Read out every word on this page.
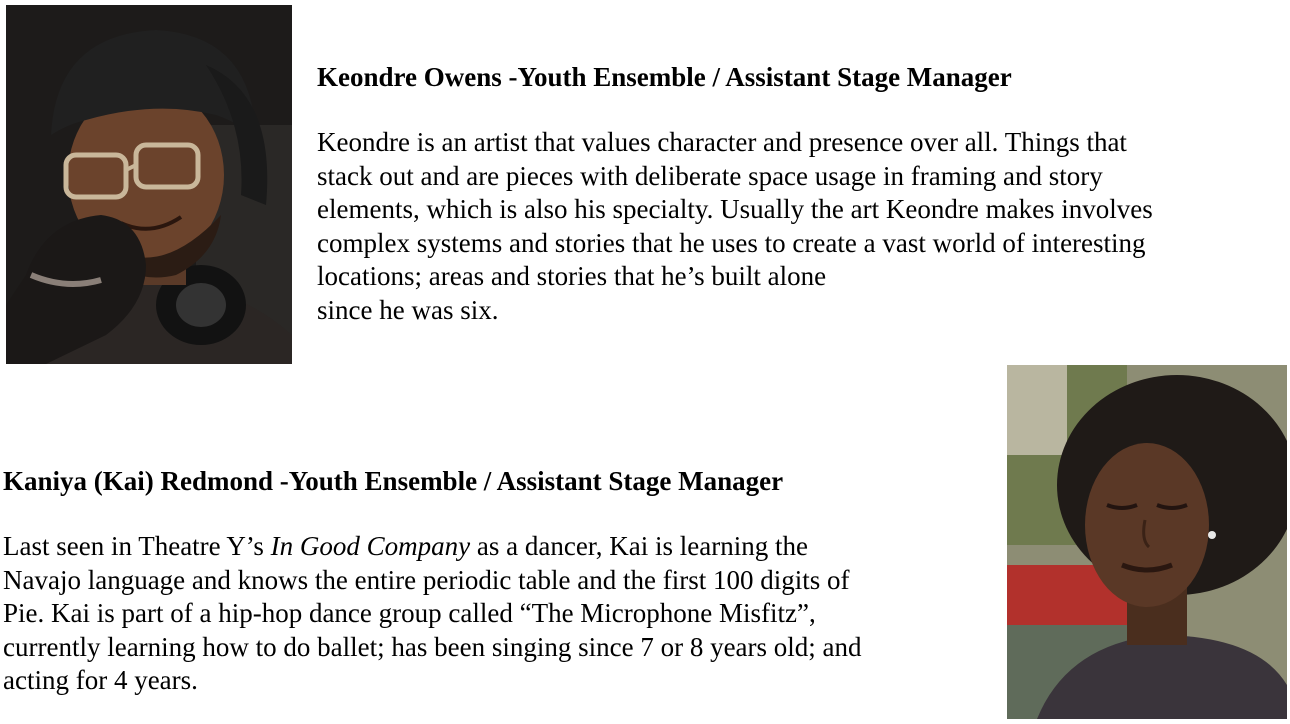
Keondre Owens -Youth Ensemble / Assistant Stage Manager

Keondre is an artist that values character and presence over all. Things that
stack out and are pieces with deliberate space usage in framing and story
elements, which is also his specialty. Usually the art Keondre makes involves
complex systems and stories that he uses to create a vast world of interesting
locations; areas and stories that he’s built alone
since he was six.

Kaniya (Kai) Redmond -Youth Ensemble / Assistant Stage Manager

Last seen in Theatre Y’s In Good Company as a dancer, Kai is learning the
Navajo language and knows the entire periodic table and the first 100 digits of
Pie. Kai is part of a hip-hop dance group called “The Microphone Misfitz”,
currently learning how to do ballet; has been singing since 7 or 8 years old; and
acting for 4 years.
